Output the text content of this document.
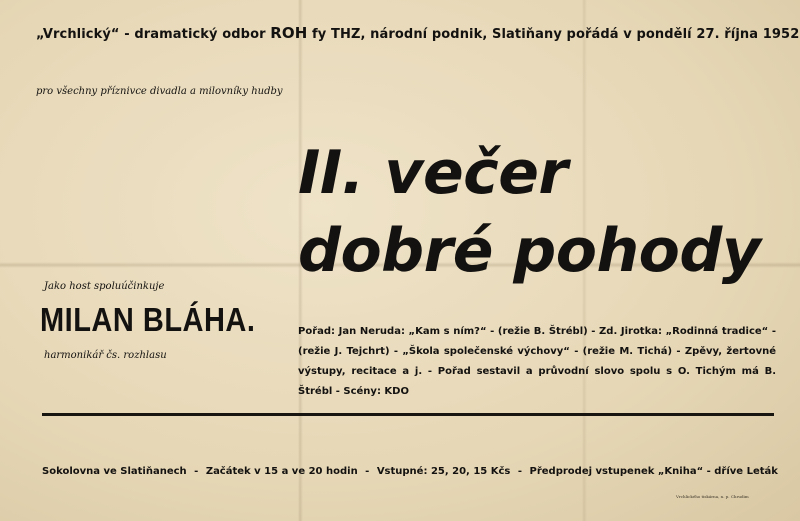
„Vrchlický“ - dramatický odbor ROH fy THZ, národní podnik, Slatiňany pořádá v pondělí 27. října 1952
pro všechny příznivce divadla a milovníky hudby
II. večer
dobré pohody
Jako host spoluúčinkuje
MILAN BLÁHA.
harmonikář čs. rozhlasu
Pořad: Jan Neruda: „Kam s ním?“ - (režie B. Štrébl) - Zd. Jirotka: „Rodinná tradice“ - (režie J. Tejchrt) - „Škola společenské výchovy“ - (režie M. Tichá) - Zpěvy, žertovné výstupy, recitace a j. - Pořad sestavil a průvodní slovo spolu s O. Tichým má B. Štrébl - Scény: KDO
Sokolovna ve Slatiňanech - Začátek v 15 a ve 20 hodin - Vstupné: 25, 20, 15 Kčs - Předprodej vstupenek „Kniha“ - dříve Leták
Vrchlického tiskárna, n. p. Chrudim
